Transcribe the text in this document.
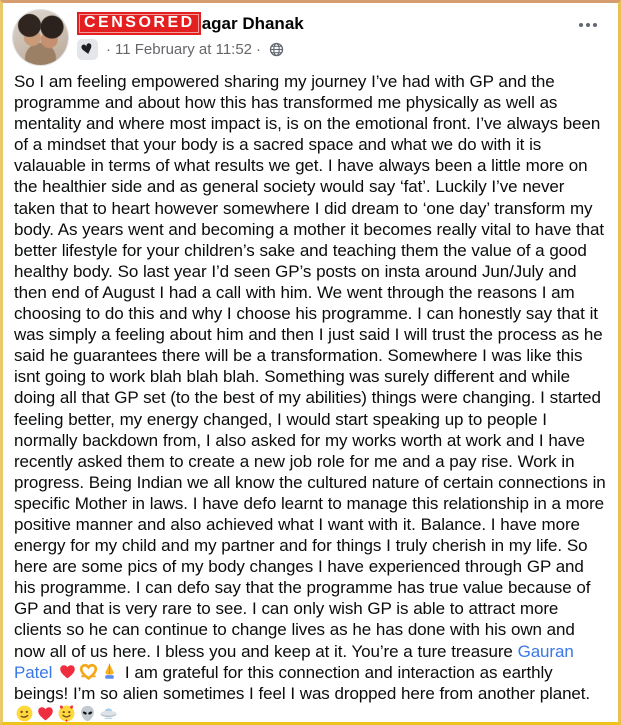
CENSORED agar Dhanak
♥ · 11 February at 11:52 ·
So I am feeling empowered sharing my journey I’ve had with GP and the programme and about how this has transformed me physically as well as mentality and where most impact is, is on the emotional front. I’ve always been of a mindset that your body is a sacred space and what we do with it is valauable in terms of what results we get. I have always been a little more on the healthier side and as general society would say ‘fat’. Luckily I’ve never taken that to heart however somewhere I did dream to ‘one day’ transform my body. As years went and becoming a mother it becomes really vital to have that better lifestyle for your children’s sake and teaching them the value of a good healthy body. So last year I’d seen GP’s posts on insta around Jun/July and then end of August I had a call with him. We went through the reasons I am choosing to do this and why I choose his programme. I can honestly say that it was simply a feeling about him and then I just said I will trust the process as he said he guarantees there will be a transformation. Somewhere I was like this isnt going to work blah blah blah. Something was surely different and while doing all that GP set (to the best of my abilities) things were changing. I started feeling better, my energy changed, I would start speaking up to people I normally backdown from, I also asked for my works worth at work and I have recently asked them to create a new job role for me and a pay rise. Work in progress. Being Indian we all know the cultured nature of certain connections in specific Mother in laws. I have defo learnt to manage this relationship in a more positive manner and also achieved what I want with it. Balance. I have more energy for my child and my partner and for things I truly cherish in my life. So here are some pics of my body changes I have experienced through GP and his programme. I can defo say that the programme has true value because of GP and that is very rare to see. I can only wish GP is able to attract more clients so he can continue to change lives as he has done with his own and now all of us here. I bless you and keep at it. You’re a ture treasure Gauran Patel	I am grateful for this connection and interaction as earthly beings! I’m so alien sometimes I feel I was dropped here from another planet.
